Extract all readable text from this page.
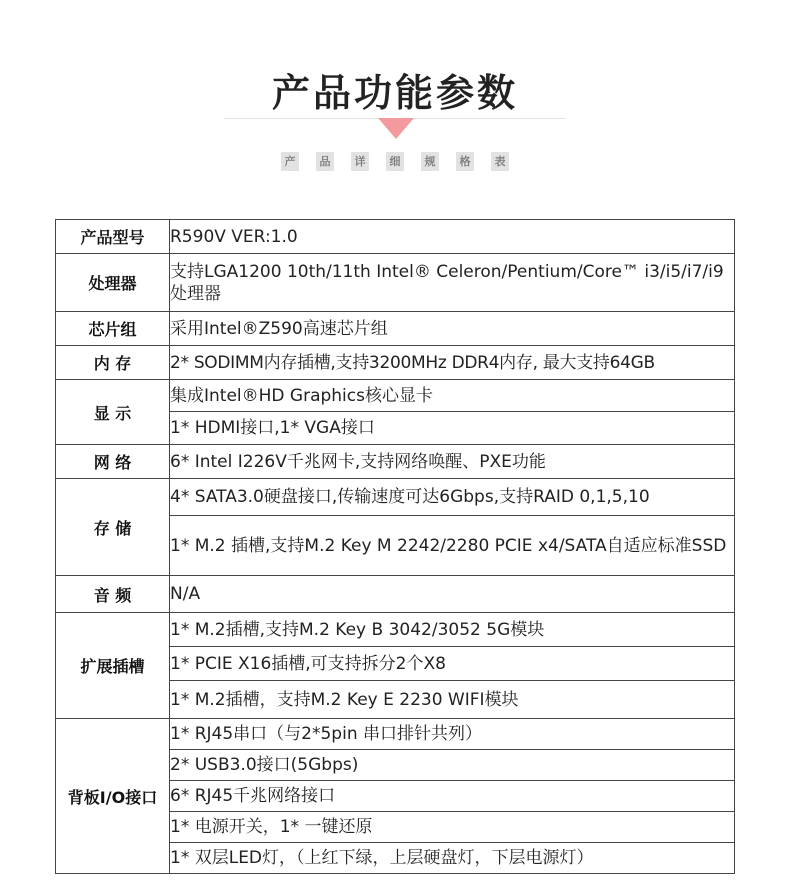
产品功能参数
产	品	详	细	规	格	表
产品型号	R590V VER:1.0
处理器	支持LGA1200 10th/11th Intel® Celeron/Pentium/Core™ i3/i5/i7/i9 处理器
芯片组	采用Intel®Z590高速芯片组
内 存	2* SODIMM内存插槽,支持3200MHz DDR4内存, 最大支持64GB
显 示	集成Intel®HD Graphics核心显卡
	1* HDMI接口,1* VGA接口
网 络	6* Intel I226V千兆网卡,支持网络唤醒、PXE功能
存 储	4* SATA3.0硬盘接口,传输速度可达6Gbps,支持RAID 0,1,5,10
	1* M.2 插槽,支持M.2 Key M 2242/2280 PCIE x4/SATA自适应标准SSD
音 频	N/A
扩展插槽	1* M.2插槽,支持M.2 Key B 3042/3052 5G模块
	1* PCIE X16插槽,可支持拆分2个X8
	1* M.2插槽，支持M.2 Key E 2230 WIFI模块
背板I/O接口	1* RJ45串口（与2*5pin 串口排针共列）
	2* USB3.0接口(5Gbps)
	6* RJ45千兆网络接口
	1* 电源开关，1* 一键还原
	1* 双层LED灯，（上红下绿，上层硬盘灯，下层电源灯）
